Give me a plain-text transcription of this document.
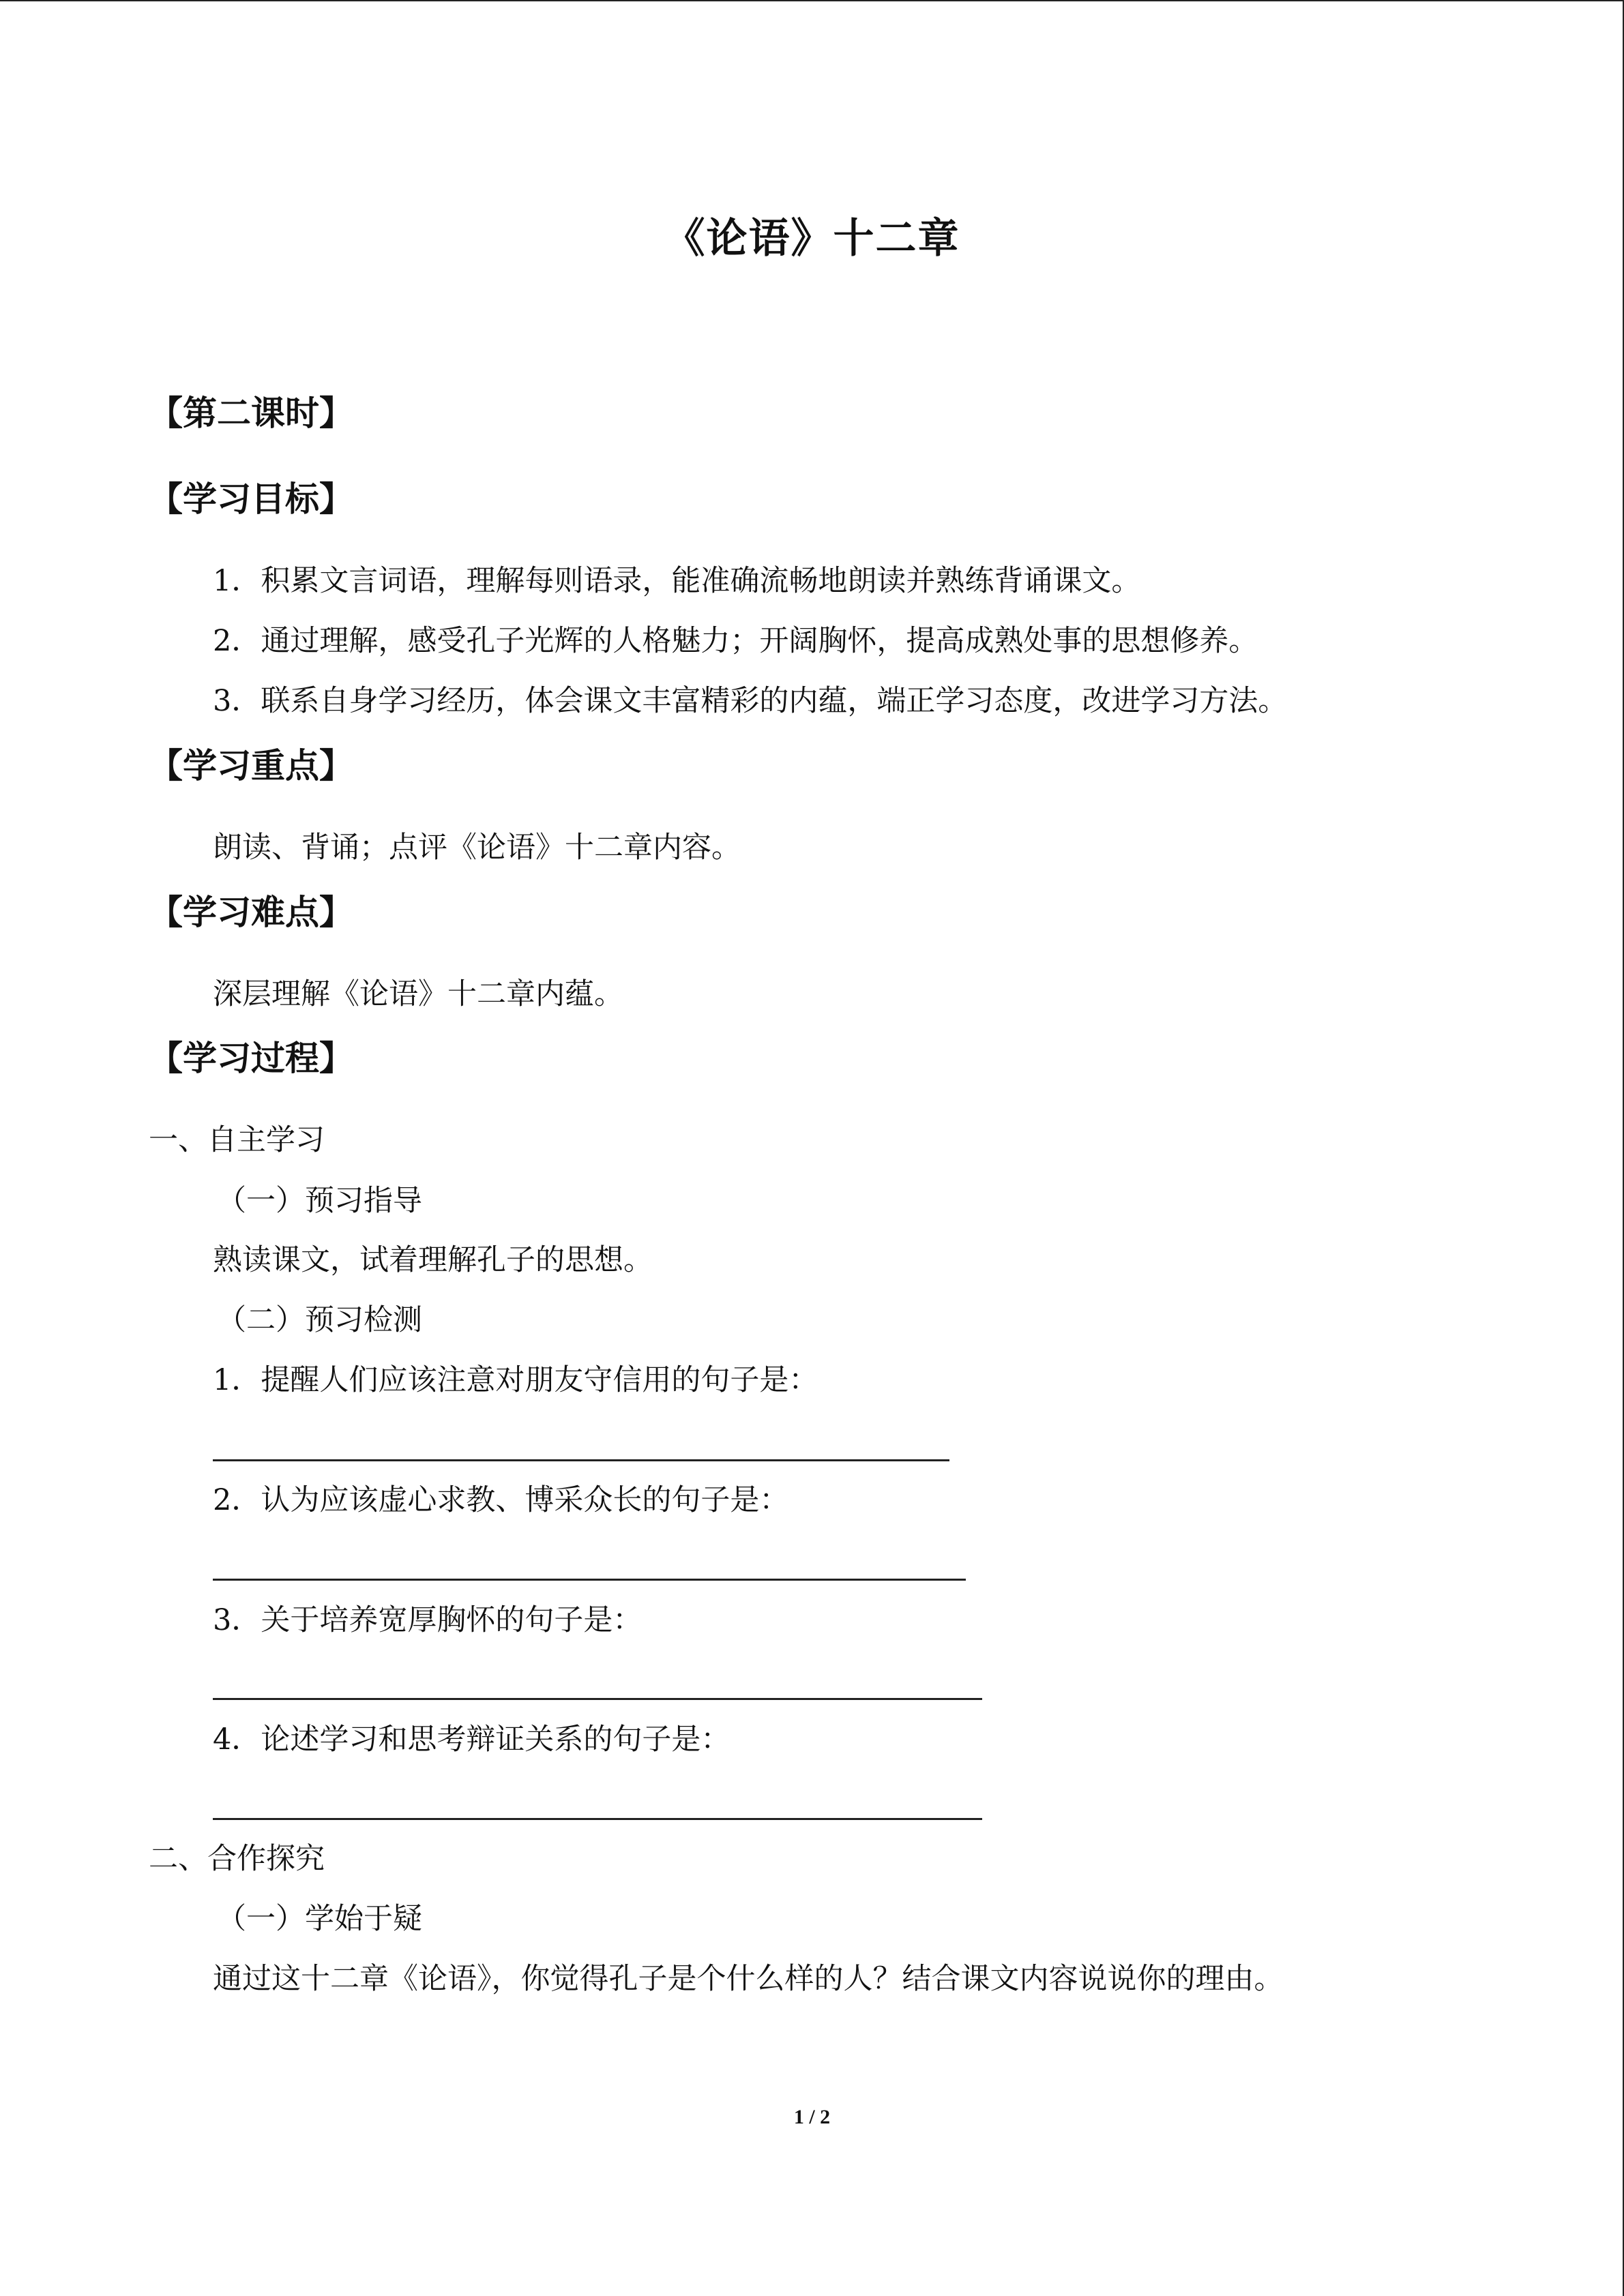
《论语》十二章
【第二课时】
【学习目标】
1．积累文言词语，理解每则语录，能准确流畅地朗读并熟练背诵课文。
2．通过理解，感受孔子光辉的人格魅力；开阔胸怀，提高成熟处事的思想修养。
3．联系自身学习经历，体会课文丰富精彩的内蕴，端正学习态度，改进学习方法。
【学习重点】
朗读、背诵；点评《论语》十二章内容。
【学习难点】
深层理解《论语》十二章内蕴。
【学习过程】
一、自主学习
（一）预习指导
熟读课文，试着理解孔子的思想。
（二）预习检测
1．提醒人们应该注意对朋友守信用的句子是：
2．认为应该虚心求教、博采众长的句子是：
3．关于培养宽厚胸怀的句子是：
4．论述学习和思考辩证关系的句子是：
二、合作探究
（一）学始于疑
通过这十二章《论语》，你觉得孔子是个什么样的人？结合课文内容说说你的理由。
1 / 2
